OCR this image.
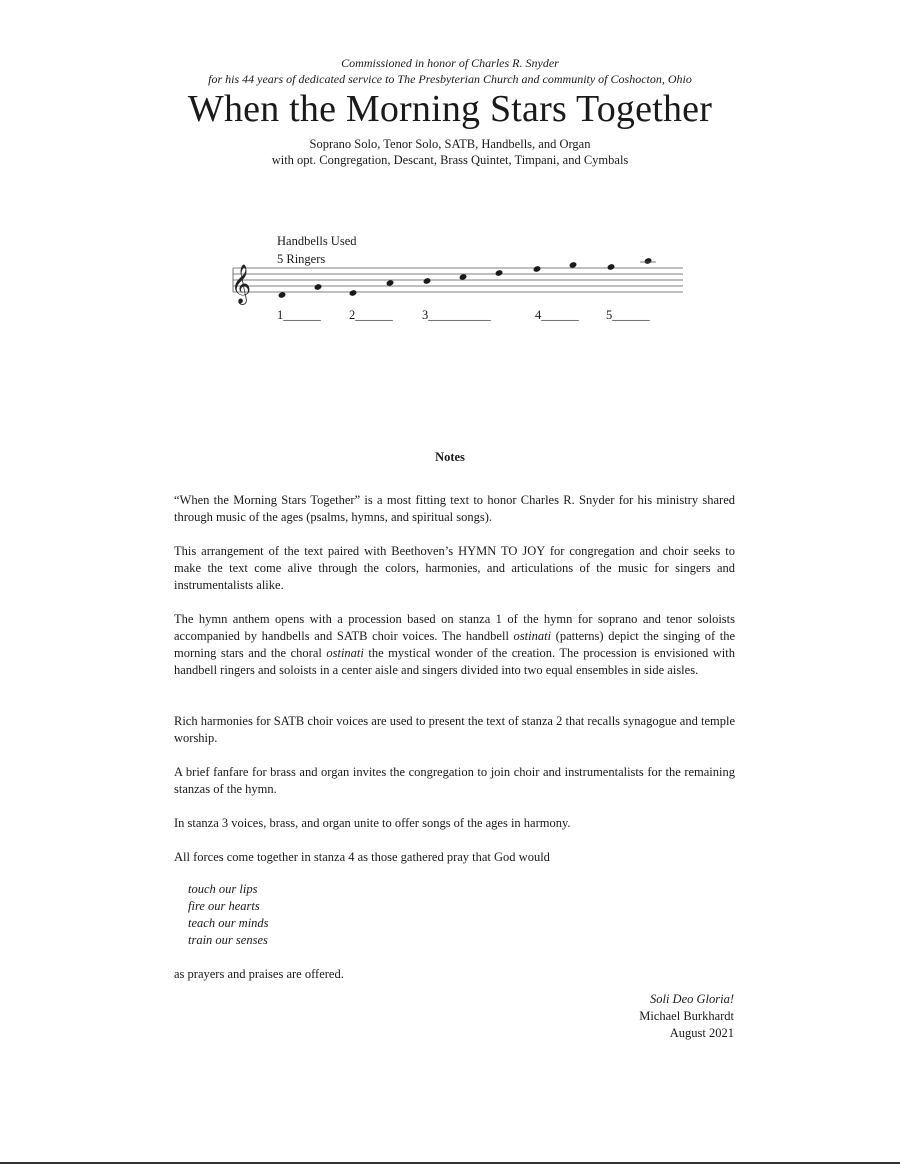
Commissioned in honor of Charles R. Snyder
for his 44 years of dedicated service to The Presbyterian Church and community of Coshocton, Ohio
When the Morning Stars Together
Soprano Solo, Tenor Solo, SATB, Handbells, and Organ
with opt. Congregation, Descant, Brass Quintet, Timpani, and Cymbals
Handbells Used
5 Ringers
𝄞
1______ 2______ 3__________	4______ 5______
Notes
“When the Morning Stars Together” is a most fitting text to honor Charles R. Snyder for his ministry shared through music of the ages (psalms, hymns, and spiritual songs).
This arrangement of the text paired with Beethoven’s HYMN TO JOY for congregation and choir seeks to make the text come alive through the colors, harmonies, and articulations of the music for singers and instrumentalists alike.
The hymn anthem opens with a procession based on stanza 1 of the hymn for soprano and tenor soloists accompanied by handbells and SATB choir voices. The handbell ostinati (patterns) depict the singing of the morning stars and the choral ostinati the mystical wonder of the creation. The procession is envisioned with handbell ringers and soloists in a center aisle and singers divided into two equal ensembles in side aisles.
Rich harmonies for SATB choir voices are used to present the text of stanza 2 that recalls synagogue and temple worship.
A brief fanfare for brass and organ invites the congregation to join choir and instrumentalists for the remaining stanzas of the hymn.
In stanza 3 voices, brass, and organ unite to offer songs of the ages in harmony.
All forces come together in stanza 4 as those gathered pray that God would
touch our lips
fire our hearts
teach our minds
train our senses
as prayers and praises are offered.
Soli Deo Gloria!
Michael Burkhardt
August 2021
